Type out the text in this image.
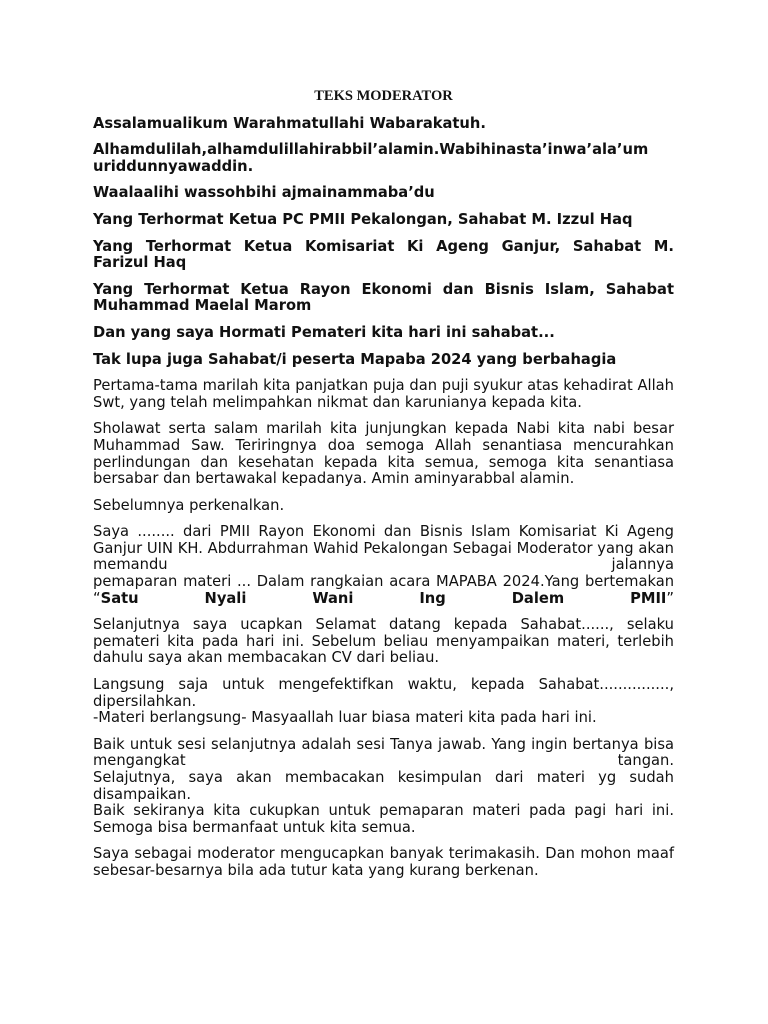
TEKS MODERATOR

Assalamualikum Warahmatullahi Wabarakatuh.

Alhamdulilah,alhamdulillahirabbil’alamin.Wabihinasta’inwa’ala’um uriddunnyawaddin.

Waalaalihi wassohbihi ajmainammaba’du

Yang Terhormat Ketua PC PMII Pekalongan, Sahabat M. Izzul Haq

Yang Terhormat Ketua Komisariat Ki Ageng Ganjur, Sahabat M. Farizul Haq

Yang Terhormat Ketua Rayon Ekonomi dan Bisnis Islam, Sahabat Muhammad Maelal Marom

Dan yang saya Hormati Pemateri kita hari ini sahabat...

Tak lupa juga Sahabat/i peserta Mapaba 2024 yang berbahagia

Pertama-tama marilah kita panjatkan puja dan puji syukur atas kehadirat Allah Swt, yang telah melimpahkan nikmat dan karunianya kepada kita.

Sholawat serta salam marilah kita junjungkan kepada Nabi kita nabi besar Muhammad Saw. Teriringnya doa semoga Allah senantiasa mencurahkan perlindungan dan kesehatan kepada kita semua, semoga kita senantiasa bersabar dan bertawakal kepadanya. Amin aminyarabbal alamin.

Sebelumnya perkenalkan.

Saya ........ dari PMII Rayon Ekonomi dan Bisnis Islam Komisariat Ki Ageng Ganjur UIN KH. Abdurrahman Wahid Pekalongan Sebagai Moderator yang akan memandu jalannya
pemaparan materi ... Dalam rangkaian acara MAPABA 2024.Yang bertemakan “Satu Nyali Wani Ing Dalem PMII”

Selanjutnya saya ucapkan Selamat datang kepada Sahabat......, selaku pemateri kita pada hari ini. Sebelum beliau menyampaikan materi, terlebih dahulu saya akan membacakan CV dari beliau.

Langsung saja untuk mengefektifkan waktu, kepada Sahabat..............., dipersilahkan.
-Materi berlangsung- Masyaallah luar biasa materi kita pada hari ini.

Baik untuk sesi selanjutnya adalah sesi Tanya jawab. Yang ingin bertanya bisa mengangkat tangan.
Selajutnya, saya akan membacakan kesimpulan dari materi yg sudah disampaikan.
Baik sekiranya kita cukupkan untuk pemaparan materi pada pagi hari ini. Semoga bisa bermanfaat untuk kita semua.

Saya sebagai moderator mengucapkan banyak terimakasih. Dan mohon maaf sebesar-besarnya bila ada tutur kata yang kurang berkenan.
